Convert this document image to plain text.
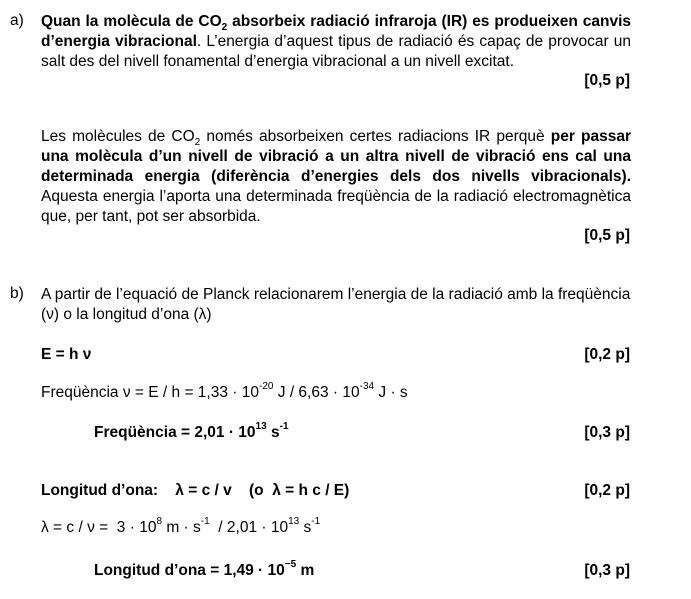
a) Quan la molècula de $CO_2$ absorbeix radiació infraroja (IR) es produeixen canvis d’energia vibracional. L’energia d’aquest tipus de radiació és capaç de provocar un salt des del nivell fonamental d’energia vibracional a un nivell excitat.
[0,5 p]
Les molècules de $CO_2$ només absorbeixen certes radiacions IR perquè per passar una molècula d’un nivell de vibració a un altra nivell de vibració ens cal una determinada energia (diferència d’energies dels dos nivells vibracionals). Aquesta energia l’aporta una determinada freqüència de la radiació electromagnètica que, per tant, pot ser absorbida.
[0,5 p]
b) A partir de l’equació de Planck relacionarem l’energia de la radiació amb la freqüència (ν) o la longitud d’ona (λ)
E = h ν	[0,2 p]
Freqüència $\nu = E / h = 1,33 \cdot 10^{-20}$ $J / 6,63 \cdot 10^{-34}$ J · s
Freqüència = $2,01 \cdot 10^{13}$ $s^{-1}$	[0,3 p]
Longitud d’ona:    λ = c / v    (o  λ = h c / E)	[0,2 p]
$\lambda = c / \nu = 3 \cdot 10^8$ $m \cdot s^{-1} / 2,01 \cdot 10^{13}$ $s^{-1}$
Longitud d’ona = $1,49 \cdot 10^{-5}$ m	[0,3 p]
